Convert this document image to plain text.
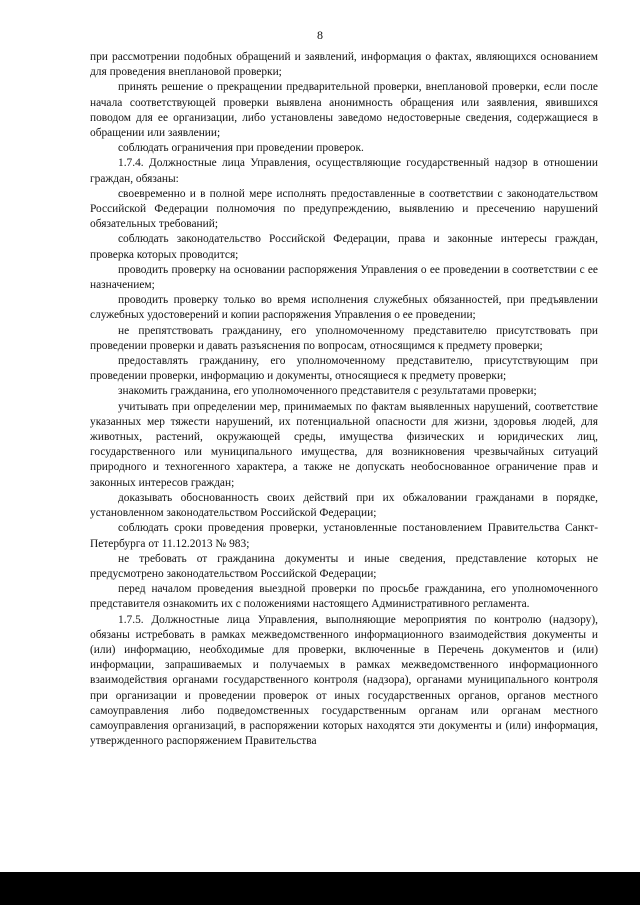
8

при рассмотрении подобных обращений и заявлений, информация о фактах, являющихся основанием для проведения внеплановой проверки;

принять решение о прекращении предварительной проверки, внеплановой проверки, если после начала соответствующей проверки выявлена анонимность обращения или заявления, явившихся поводом для ее организации, либо установлены заведомо недостоверные сведения, содержащиеся в обращении или заявлении;

соблюдать ограничения при проведении проверок.

1.7.4. Должностные лица Управления, осуществляющие государственный надзор в отношении граждан, обязаны:

своевременно и в полной мере исполнять предоставленные в соответствии с законодательством Российской Федерации полномочия по предупреждению, выявлению и пресечению нарушений обязательных требований;

соблюдать законодательство Российской Федерации, права и законные интересы граждан, проверка которых проводится;

проводить проверку на основании распоряжения Управления о ее проведении в соответствии с ее назначением;

проводить проверку только во время исполнения служебных обязанностей, при предъявлении служебных удостоверений и копии распоряжения Управления о ее проведении;

не препятствовать гражданину, его уполномоченному представителю присутствовать при проведении проверки и давать разъяснения по вопросам, относящимся к предмету проверки;

предоставлять гражданину, его уполномоченному представителю, присутствующим при проведении проверки, информацию и документы, относящиеся к предмету проверки;

знакомить гражданина, его уполномоченного представителя с результатами проверки;

учитывать при определении мер, принимаемых по фактам выявленных нарушений, соответствие указанных мер тяжести нарушений, их потенциальной опасности для жизни, здоровья людей, для животных, растений, окружающей среды, имущества физических и юридических лиц, государственного или муниципального имущества, для возникновения чрезвычайных ситуаций природного и техногенного характера, а также не допускать необоснованное ограничение прав и законных интересов граждан;

доказывать обоснованность своих действий при их обжаловании гражданами в порядке, установленном законодательством Российской Федерации;

соблюдать сроки проведения проверки, установленные постановлением Правительства Санкт-Петербурга от 11.12.2013 № 983;

не требовать от гражданина документы и иные сведения, представление которых не предусмотрено законодательством Российской Федерации;

перед началом проведения выездной проверки по просьбе гражданина, его уполномоченного представителя ознакомить их с положениями настоящего Административного регламента.

1.7.5. Должностные лица Управления, выполняющие мероприятия по контролю (надзору), обязаны истребовать в рамках межведомственного информационного взаимодействия документы и (или) информацию, необходимые для проверки, включенные в Перечень документов и (или) информации, запрашиваемых и получаемых в рамках межведомственного информационного взаимодействия органами государственного контроля (надзора), органами муниципального контроля при организации и проведении проверок от иных государственных органов, органов местного самоуправления либо подведомственных государственным органам или органам местного самоуправления организаций, в распоряжении которых находятся эти документы и (или) информация, утвержденного распоряжением Правительства
